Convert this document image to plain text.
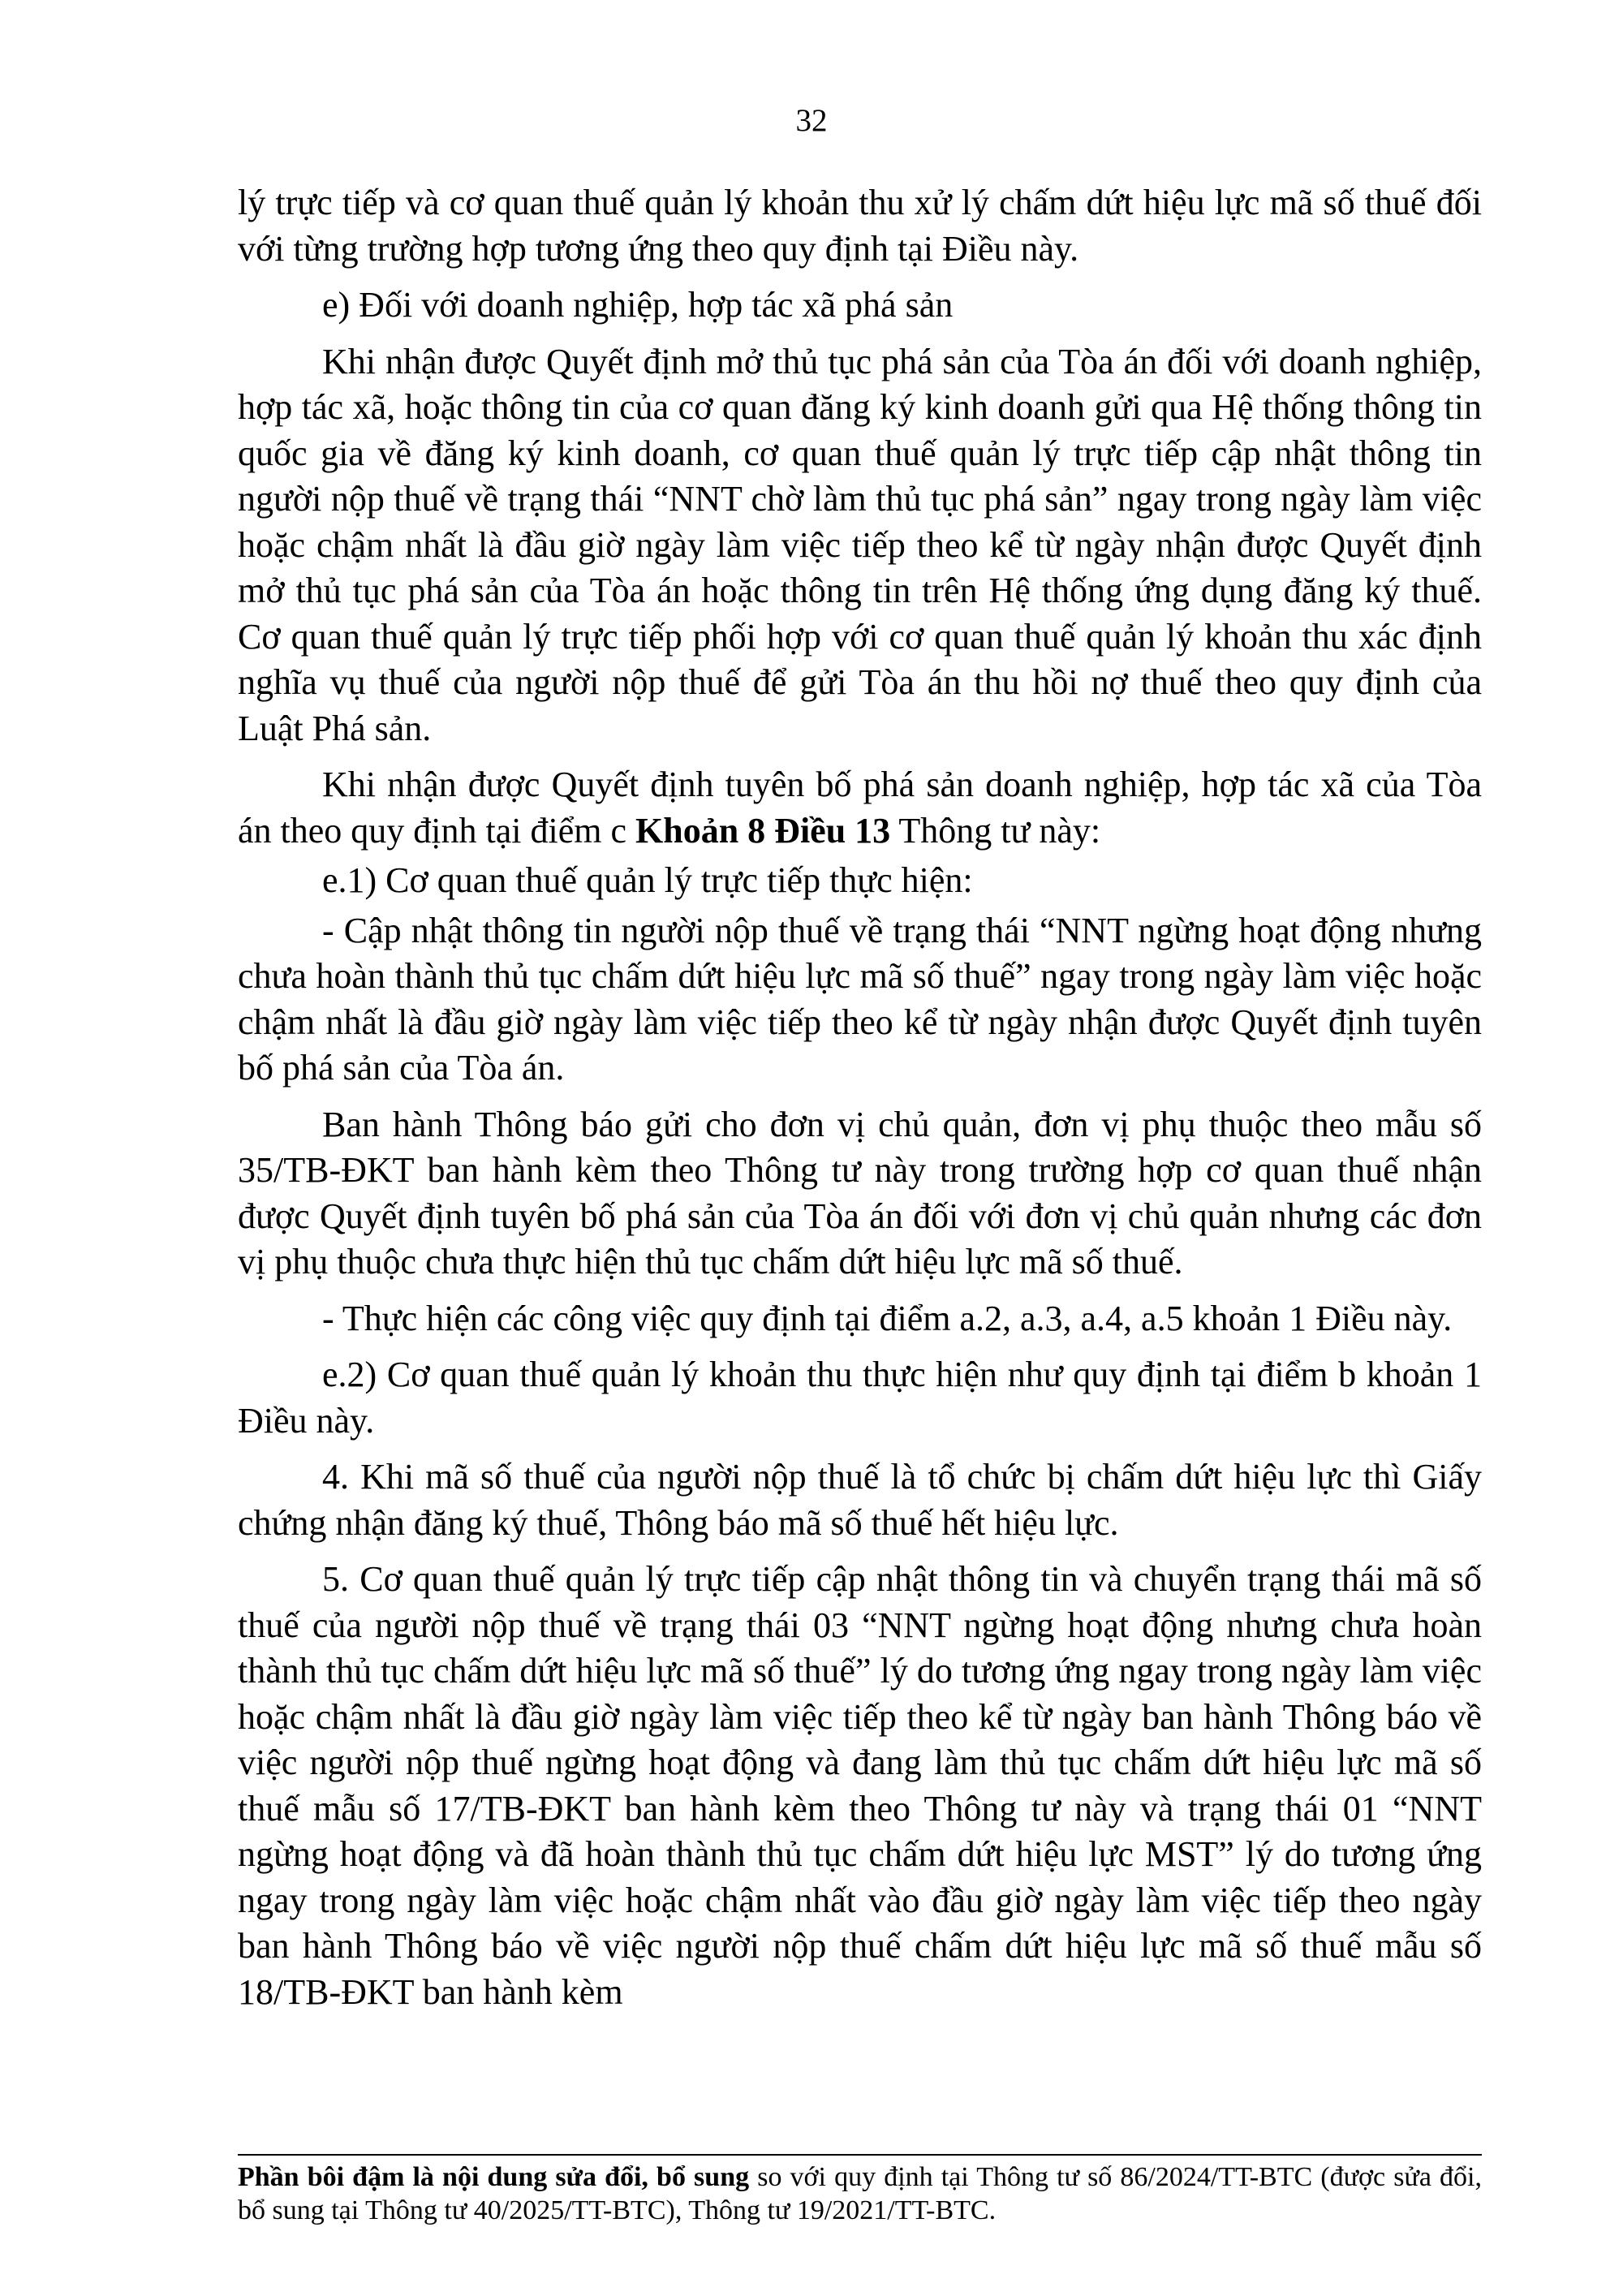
32

lý trực tiếp và cơ quan thuế quản lý khoản thu xử lý chấm dứt hiệu lực mã số thuế đối với từng trường hợp tương ứng theo quy định tại Điều này.

e) Đối với doanh nghiệp, hợp tác xã phá sản

Khi nhận được Quyết định mở thủ tục phá sản của Tòa án đối với doanh nghiệp, hợp tác xã, hoặc thông tin của cơ quan đăng ký kinh doanh gửi qua Hệ thống thông tin quốc gia về đăng ký kinh doanh, cơ quan thuế quản lý trực tiếp cập nhật thông tin người nộp thuế về trạng thái “NNT chờ làm thủ tục phá sản” ngay trong ngày làm việc hoặc chậm nhất là đầu giờ ngày làm việc tiếp theo kể từ ngày nhận được Quyết định mở thủ tục phá sản của Tòa án hoặc thông tin trên Hệ thống ứng dụng đăng ký thuế. Cơ quan thuế quản lý trực tiếp phối hợp với cơ quan thuế quản lý khoản thu xác định nghĩa vụ thuế của người nộp thuế để gửi Tòa án thu hồi nợ thuế theo quy định của Luật Phá sản.

Khi nhận được Quyết định tuyên bố phá sản doanh nghiệp, hợp tác xã của Tòa án theo quy định tại điểm c Khoản 8 Điều 13 Thông tư này:

e.1) Cơ quan thuế quản lý trực tiếp thực hiện:

- Cập nhật thông tin người nộp thuế về trạng thái “NNT ngừng hoạt động nhưng chưa hoàn thành thủ tục chấm dứt hiệu lực mã số thuế” ngay trong ngày làm việc hoặc chậm nhất là đầu giờ ngày làm việc tiếp theo kể từ ngày nhận được Quyết định tuyên bố phá sản của Tòa án.

Ban hành Thông báo gửi cho đơn vị chủ quản, đơn vị phụ thuộc theo mẫu số 35/TB-ĐKT ban hành kèm theo Thông tư này trong trường hợp cơ quan thuế nhận được Quyết định tuyên bố phá sản của Tòa án đối với đơn vị chủ quản nhưng các đơn vị phụ thuộc chưa thực hiện thủ tục chấm dứt hiệu lực mã số thuế.

- Thực hiện các công việc quy định tại điểm a.2, a.3, a.4, a.5 khoản 1 Điều này.

e.2) Cơ quan thuế quản lý khoản thu thực hiện như quy định tại điểm b khoản 1 Điều này.

4. Khi mã số thuế của người nộp thuế là tổ chức bị chấm dứt hiệu lực thì Giấy chứng nhận đăng ký thuế, Thông báo mã số thuế hết hiệu lực.

5. Cơ quan thuế quản lý trực tiếp cập nhật thông tin và chuyển trạng thái mã số thuế của người nộp thuế về trạng thái 03 “NNT ngừng hoạt động nhưng chưa hoàn thành thủ tục chấm dứt hiệu lực mã số thuế” lý do tương ứng ngay trong ngày làm việc hoặc chậm nhất là đầu giờ ngày làm việc tiếp theo kể từ ngày ban hành Thông báo về việc người nộp thuế ngừng hoạt động và đang làm thủ tục chấm dứt hiệu lực mã số thuế mẫu số 17/TB-ĐKT ban hành kèm theo Thông tư này và trạng thái 01 “NNT ngừng hoạt động và đã hoàn thành thủ tục chấm dứt hiệu lực MST” lý do tương ứng ngay trong ngày làm việc hoặc chậm nhất vào đầu giờ ngày làm việc tiếp theo ngày ban hành Thông báo về việc người nộp thuế chấm dứt hiệu lực mã số thuế mẫu số 18/TB-ĐKT ban hành kèm

Phần bôi đậm là nội dung sửa đổi, bổ sung so với quy định tại Thông tư số 86/2024/TT-BTC (được sửa đổi, bổ sung tại Thông tư 40/2025/TT-BTC), Thông tư 19/2021/TT-BTC.
